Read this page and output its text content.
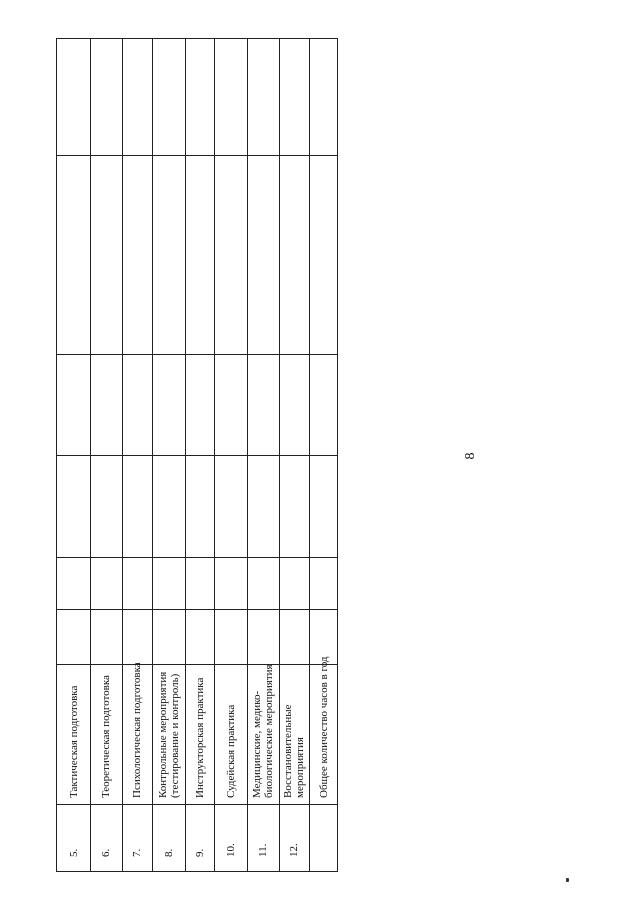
8
Тактическая подготовка
5.
Теоретическая подготовка
6.
Психологическая подготовка
7.
Контрольные мероприятия (тестирование и контроль)
8.
Инструкторская практика
9.
Судейская практика
10.
Медицинские, медико- биологические мероприятия
11.
Восстановительные мероприятия
12.
Общее количество часов в год
